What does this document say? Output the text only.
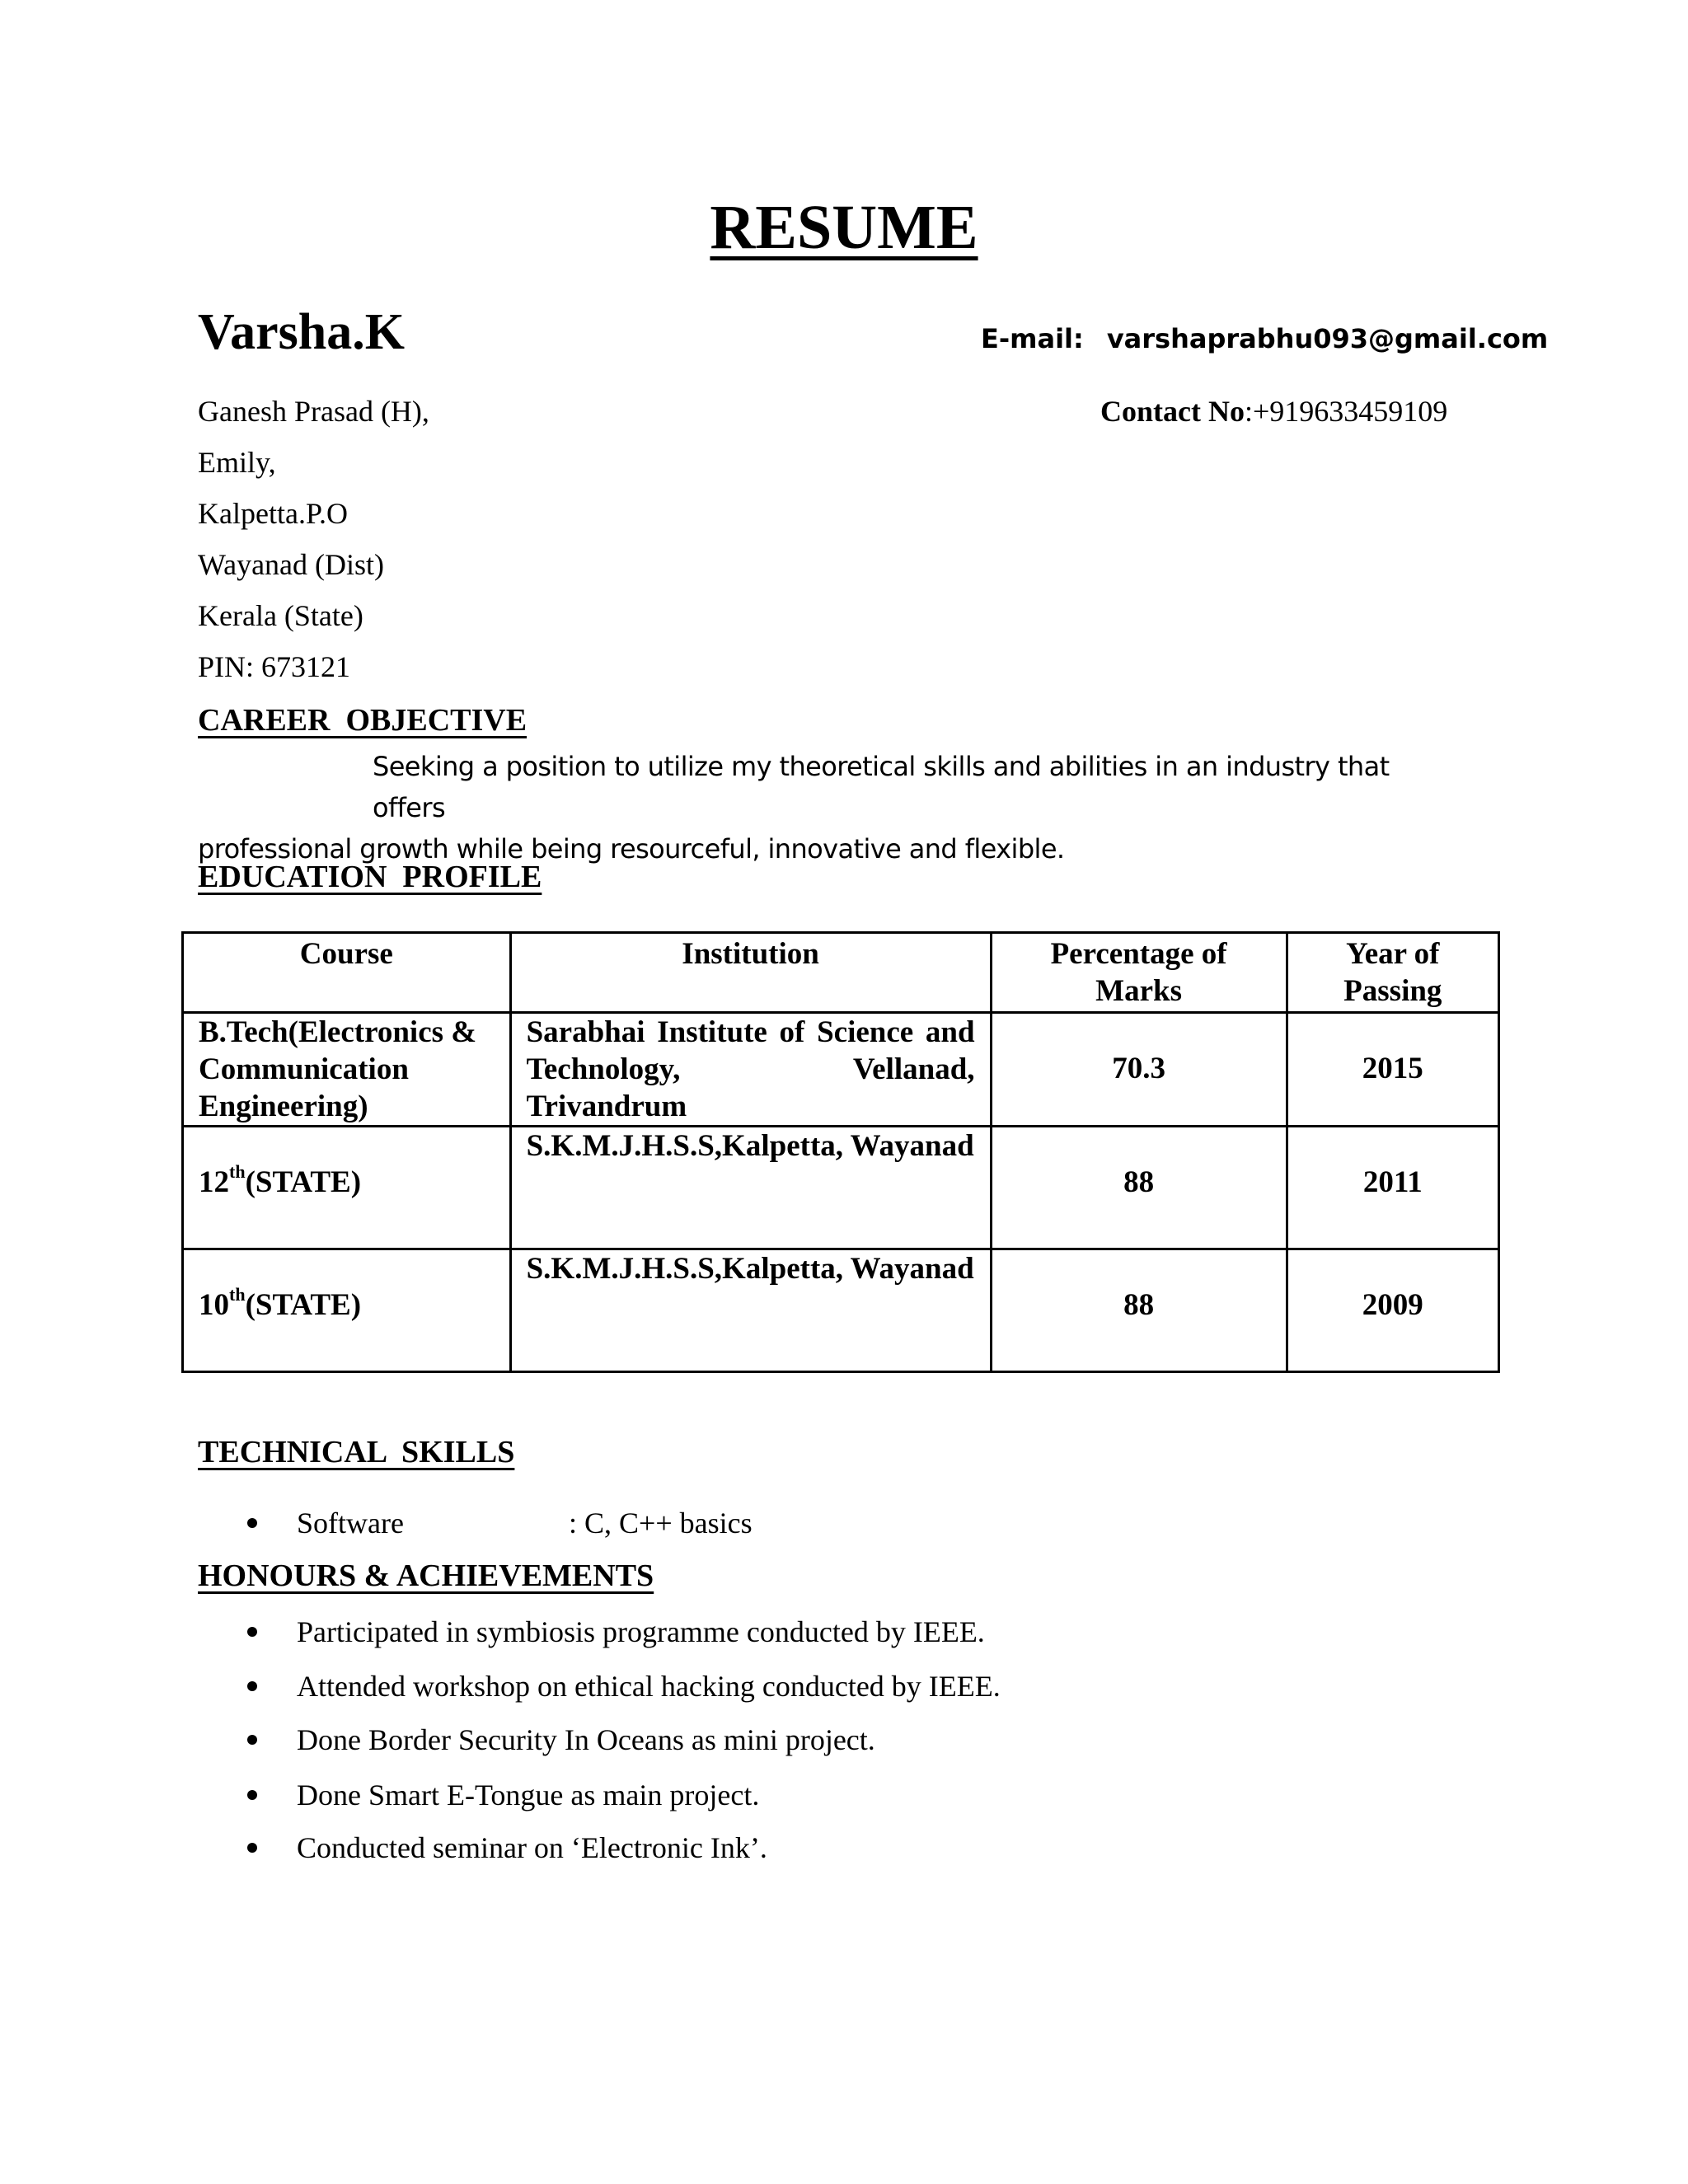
RESUME
Varsha.K	E-mail: varshaprabhu093@gmail.com
Ganesh Prasad (H),
Emily,
Kalpetta.P.O
Wayanad (Dist)
Kerala (State)
PIN: 673121
Contact No:+919633459109
CAREER  OBJECTIVE
Seeking a position to utilize my theoretical skills and abilities in an industry that offers
professional growth while being resourceful, innovative and flexible.
EDUCATION  PROFILE
Course	Institution	Percentage of Marks	Year of Passing
B.Tech(Electronics & Communication Engineering)	Sarabhai Institute of Science and Technology, Vellanad, Trivandrum	70.3	2015

12th(STATE)	S.K.M.J.H.S.S,Kalpetta, Wayanad	88	2011

10th(STATE)	S.K.M.J.H.S.S,Kalpetta, Wayanad	88	2009
TECHNICAL  SKILLS
Software	: C, C++ basics
HONOURS & ACHIEVEMENTS
Participated in symbiosis programme conducted by IEEE.
Attended workshop on ethical hacking conducted by IEEE.
Done Border Security In Oceans as mini project.
Done Smart E-Tongue as main project.
Conducted seminar on ‘Electronic Ink’.
